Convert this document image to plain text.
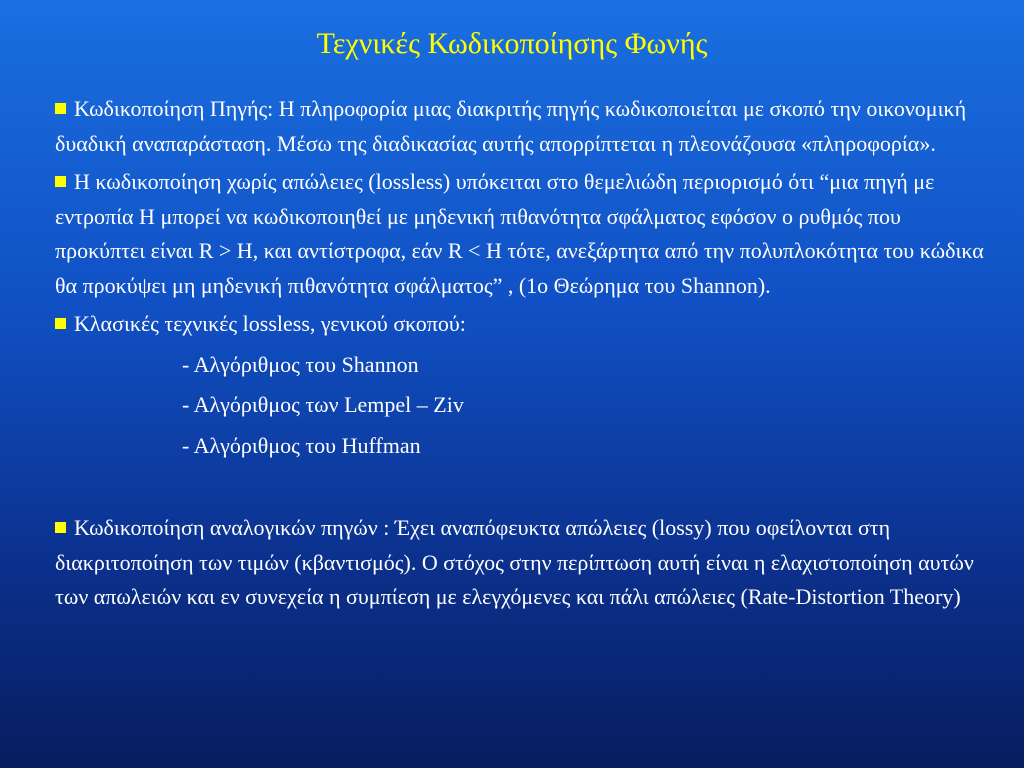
Τεχνικές Κωδικοποίησης Φωνής

Κωδικοποίηση Πηγής: Η πληροφορία μιας διακριτής πηγής κωδικοποιείται με σκοπό την οικονομική δυαδική αναπαράσταση. Μέσω της διαδικασίας αυτής απορρίπτεται η πλεονάζουσα «πληροφορία».

Η κωδικοποίηση χωρίς απώλειες (lossless) υπόκειται στο θεμελιώδη περιορισμό ότι “μια πηγή με εντροπία Η μπορεί να κωδικοποιηθεί με μηδενική πιθανότητα σφάλματος εφόσον ο ρυθμός που προκύπτει είναι R > H, και αντίστροφα, εάν R < H τότε, ανεξάρτητα από την πολυπλοκότητα του κώδικα θα προκύψει μη μηδενική πιθανότητα σφάλματος” , (1ο Θεώρημα του Shannon).

Κλασικές τεχνικές lossless, γενικού σκοπού:

- Αλγόριθμος του Shannon
- Αλγόριθμος των Lempel – Ziv
- Αλγόριθμος του Huffman

Κωδικοποίηση αναλογικών πηγών : Έχει αναπόφευκτα απώλειες (lossy) που οφείλονται στη διακριτοποίηση των τιμών (κβαντισμός). Ο στόχος στην περίπτωση αυτή είναι η ελαχιστοποίηση αυτών των απωλειών και εν συνεχεία η συμπίεση με ελεγχόμενες και πάλι απώλειες (Rate-Distortion Theory)
